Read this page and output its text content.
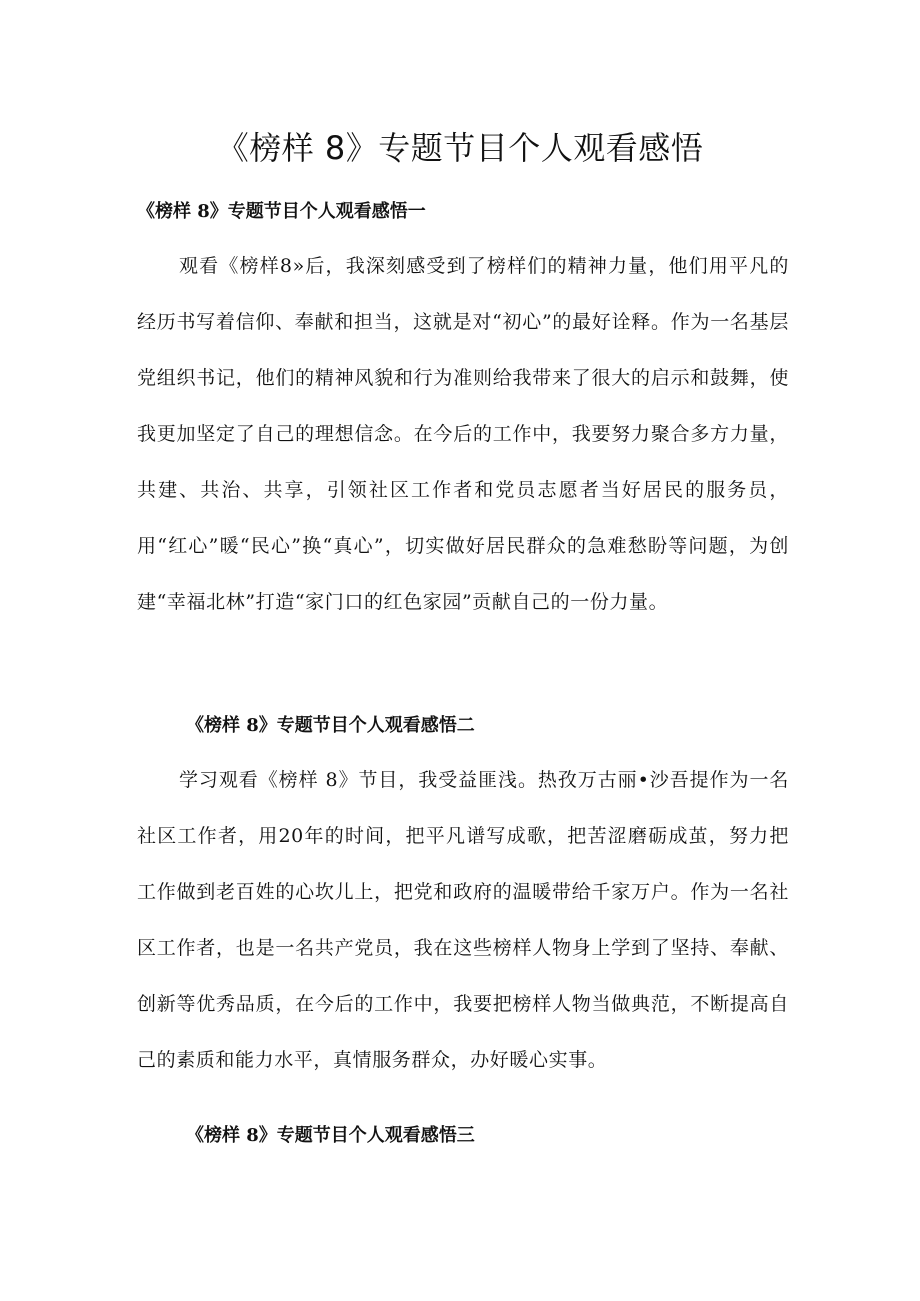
《榜样 8》专题节目个人观看感悟
《榜样 8》专题节目个人观看感悟一

观看《榜样8»后，我深刻感受到了榜样们的精神力量，他们用平凡的经历书写着信仰、奉献和担当，这就是对“初心”的最好诠释。作为一名基层党组织书记，他们的精神风貌和行为准则给我带来了很大的启示和鼓舞，使我更加坚定了自己的理想信念。在今后的工作中，我要努力聚合多方力量，共建、共治、共享，引领社区工作者和党员志愿者当好居民的服务员，用“红心”暖“民心”换“真心”，切实做好居民群众的急难愁盼等问题，为创建“幸福北林”打造“家门口的红色家园”贡献自己的一份力量。

《榜样 8》专题节目个人观看感悟二

学习观看《榜样 8》节目，我受益匪浅。热孜万古丽•沙吾提作为一名社区工作者，用20年的时间，把平凡谱写成歌，把苦涩磨砺成茧，努力把工作做到老百姓的心坎儿上，把党和政府的温暖带给千家万户。作为一名社区工作者，也是一名共产党员，我在这些榜样人物身上学到了坚持、奉献、创新等优秀品质，在今后的工作中，我要把榜样人物当做典范，不断提高自己的素质和能力水平，真情服务群众，办好暖心实事。

《榜样 8》专题节目个人观看感悟三
